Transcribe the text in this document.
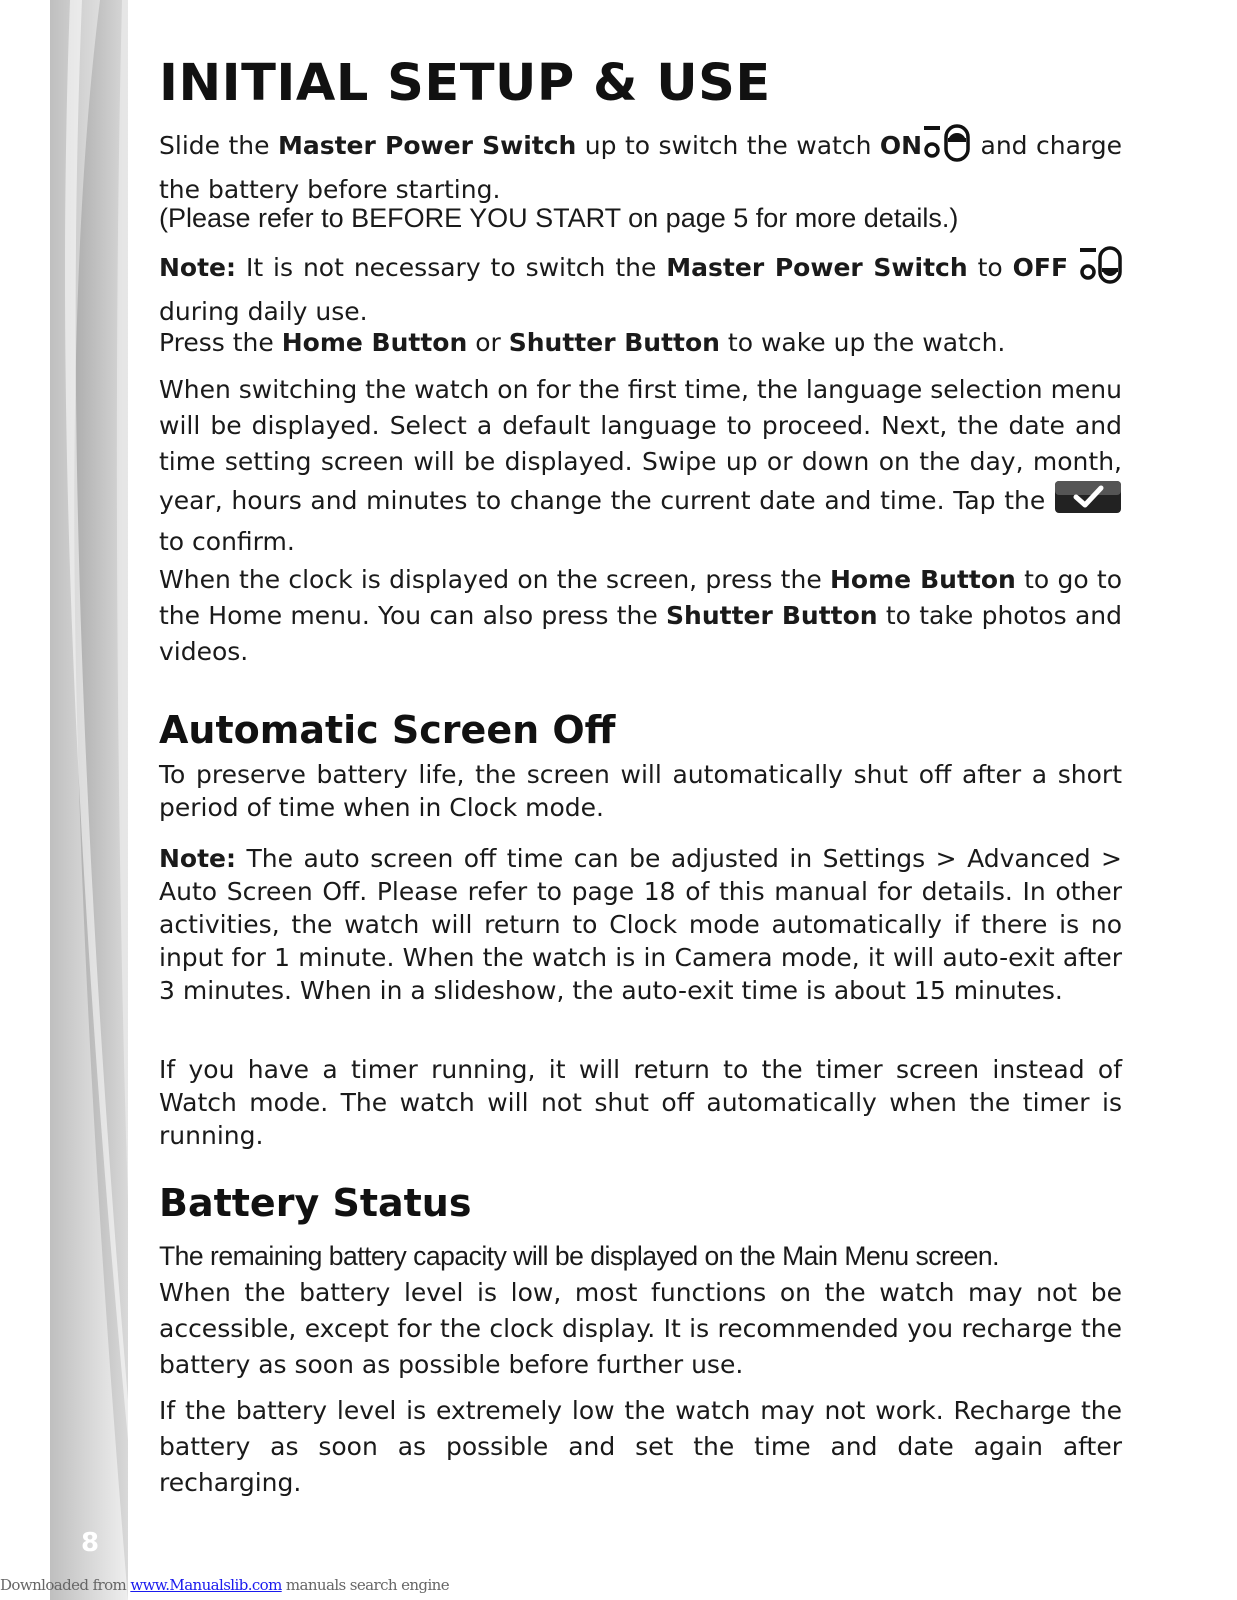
8
INITIAL SETUP & USE

Slide the Master Power Switch up to switch the watch ON and charge the battery before starting.

(Please refer to BEFORE YOU START on page 5 for more details.)

Note: It is not necessary to switch the Master Power Switch to OFF  during daily use.

Press the Home Button or Shutter Button to wake up the watch.

When switching the watch on for the first time, the language selection menu will be displayed. Select a default language to proceed. Next, the date and time setting screen will be displayed. Swipe up or down on the day, month, year, hours and minutes to change the current date and time. Tap the  to confirm.

When the clock is displayed on the screen, press the Home Button to go to the Home menu. You can also press the Shutter Button to take photos and videos.

Automatic Screen Off

To preserve battery life, the screen will automatically shut off after a short period of time when in Clock mode.

Note: The auto screen off time can be adjusted in Settings > Advanced > Auto Screen Off. Please refer to page 18 of this manual for details. In other activities, the watch will return to Clock mode automatically if there is no input for 1 minute. When the watch is in Camera mode, it will auto-exit after 3 minutes. When in a slideshow, the auto-exit time is about 15 minutes.

If you have a timer running, it will return to the timer screen instead of Watch mode. The watch will not shut off automatically when the timer is running.

Battery Status

The remaining battery capacity will be displayed on the Main Menu screen.

When the battery level is low, most functions on the watch may not be accessible, except for the clock display. It is recommended you recharge the battery as soon as possible before further use.

If the battery level is extremely low the watch may not work. Recharge the battery as soon as possible and set the time and date again after recharging.

Downloaded from www.Manualslib.com manuals search engine
